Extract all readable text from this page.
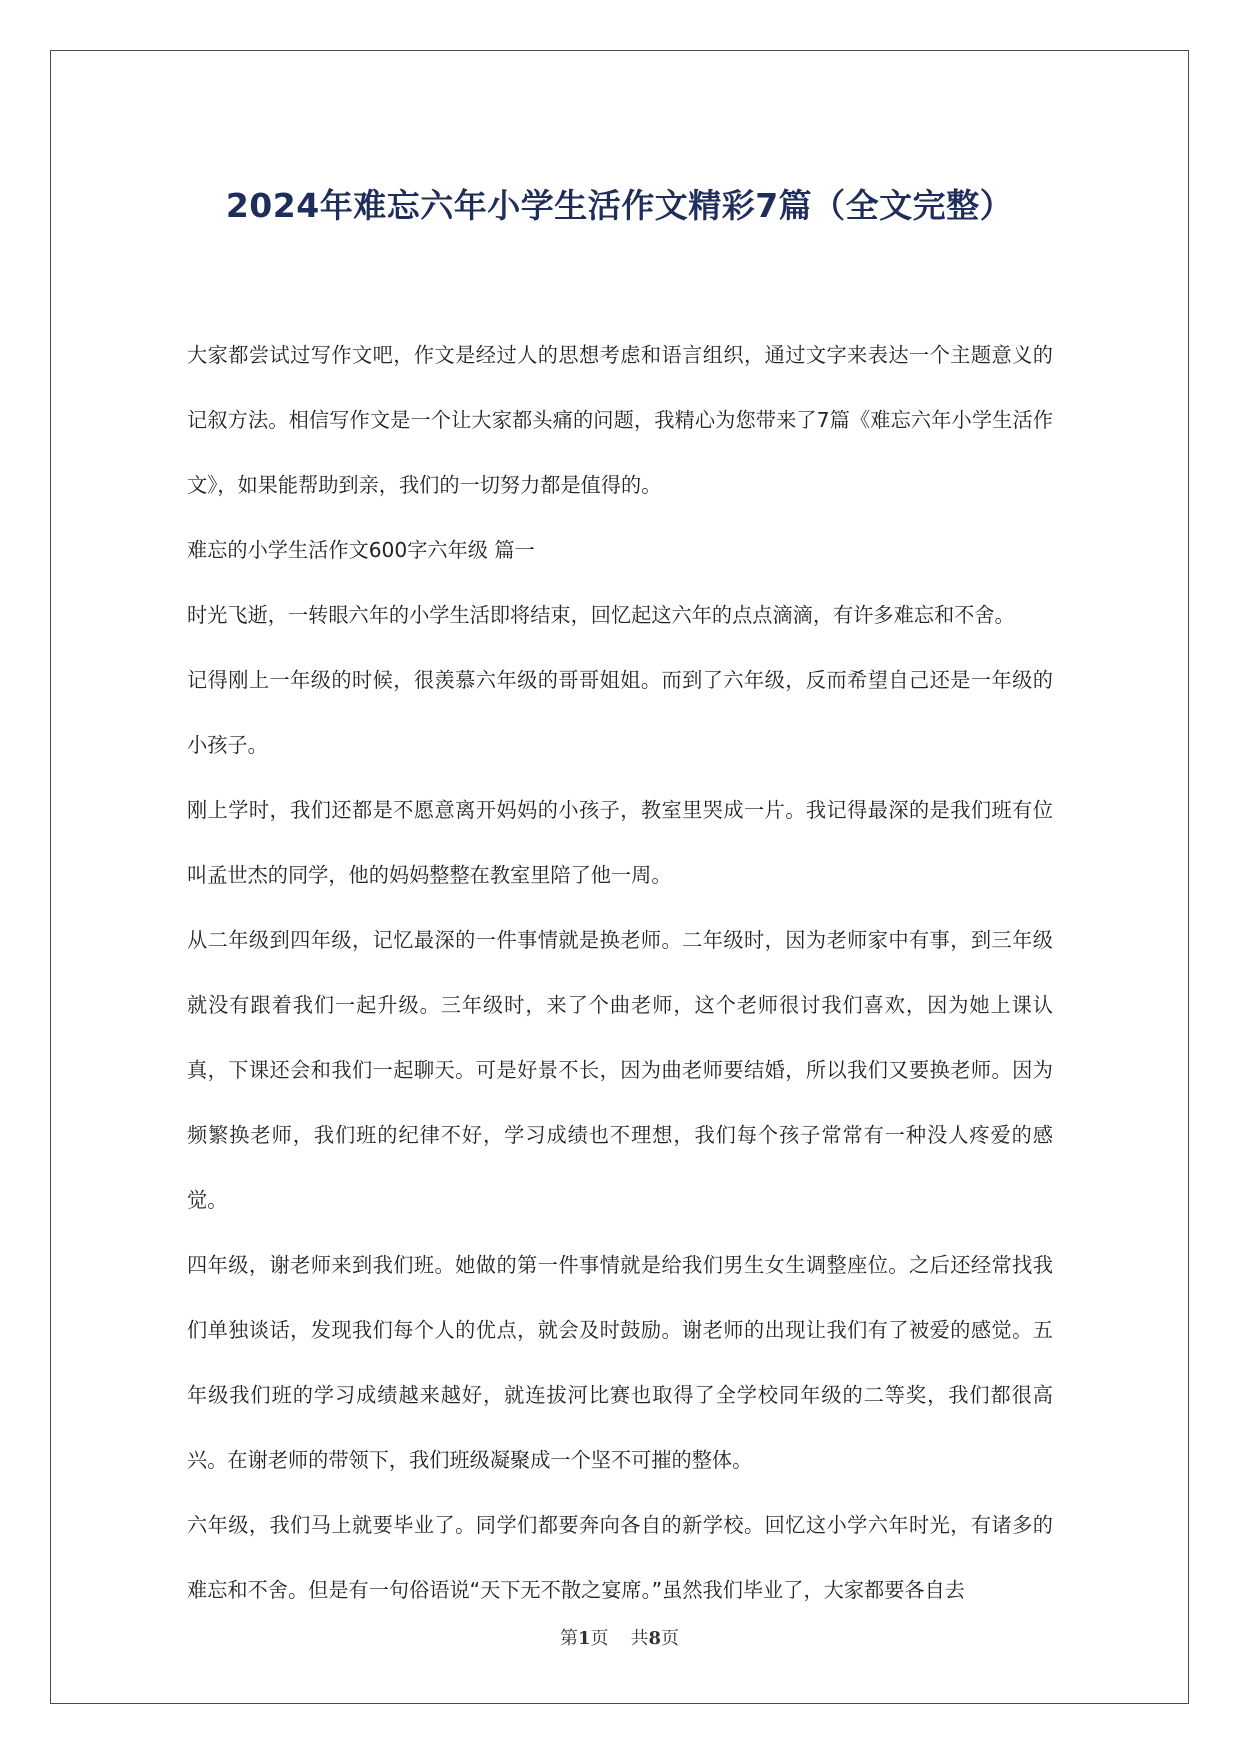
2024年难忘六年小学生活作文精彩7篇（全文完整）

大家都尝试过写作文吧，作文是经过人的思想考虑和语言组织，通过文字来表达一个主题意义的记叙方法。相信写作文是一个让大家都头痛的问题，我精心为您带来了7篇《难忘六年小学生活作文》，如果能帮助到亲，我们的一切努力都是值得的。

难忘的小学生活作文600字六年级 篇一

时光飞逝，一转眼六年的小学生活即将结束，回忆起这六年的点点滴滴，有许多难忘和不舍。

记得刚上一年级的时候，很羡慕六年级的哥哥姐姐。而到了六年级，反而希望自己还是一年级的小孩子。

刚上学时，我们还都是不愿意离开妈妈的小孩子，教室里哭成一片。我记得最深的是我们班有位叫孟世杰的同学，他的妈妈整整在教室里陪了他一周。

从二年级到四年级，记忆最深的一件事情就是换老师。二年级时，因为老师家中有事，到三年级就没有跟着我们一起升级。三年级时，来了个曲老师，这个老师很讨我们喜欢，因为她上课认真，下课还会和我们一起聊天。可是好景不长，因为曲老师要结婚，所以我们又要换老师。因为频繁换老师，我们班的纪律不好，学习成绩也不理想，我们每个孩子常常有一种没人疼爱的感觉。

四年级，谢老师来到我们班。她做的第一件事情就是给我们男生女生调整座位。之后还经常找我们单独谈话，发现我们每个人的优点，就会及时鼓励。谢老师的出现让我们有了被爱的感觉。五年级我们班的学习成绩越来越好，就连拔河比赛也取得了全学校同年级的二等奖，我们都很高兴。在谢老师的带领下，我们班级凝聚成一个坚不可摧的整体。

六年级，我们马上就要毕业了。同学们都要奔向各自的新学校。回忆这小学六年时光，有诸多的难忘和不舍。但是有一句俗语说“天下无不散之宴席。”虽然我们毕业了，大家都要各自去

第1页 共8页
